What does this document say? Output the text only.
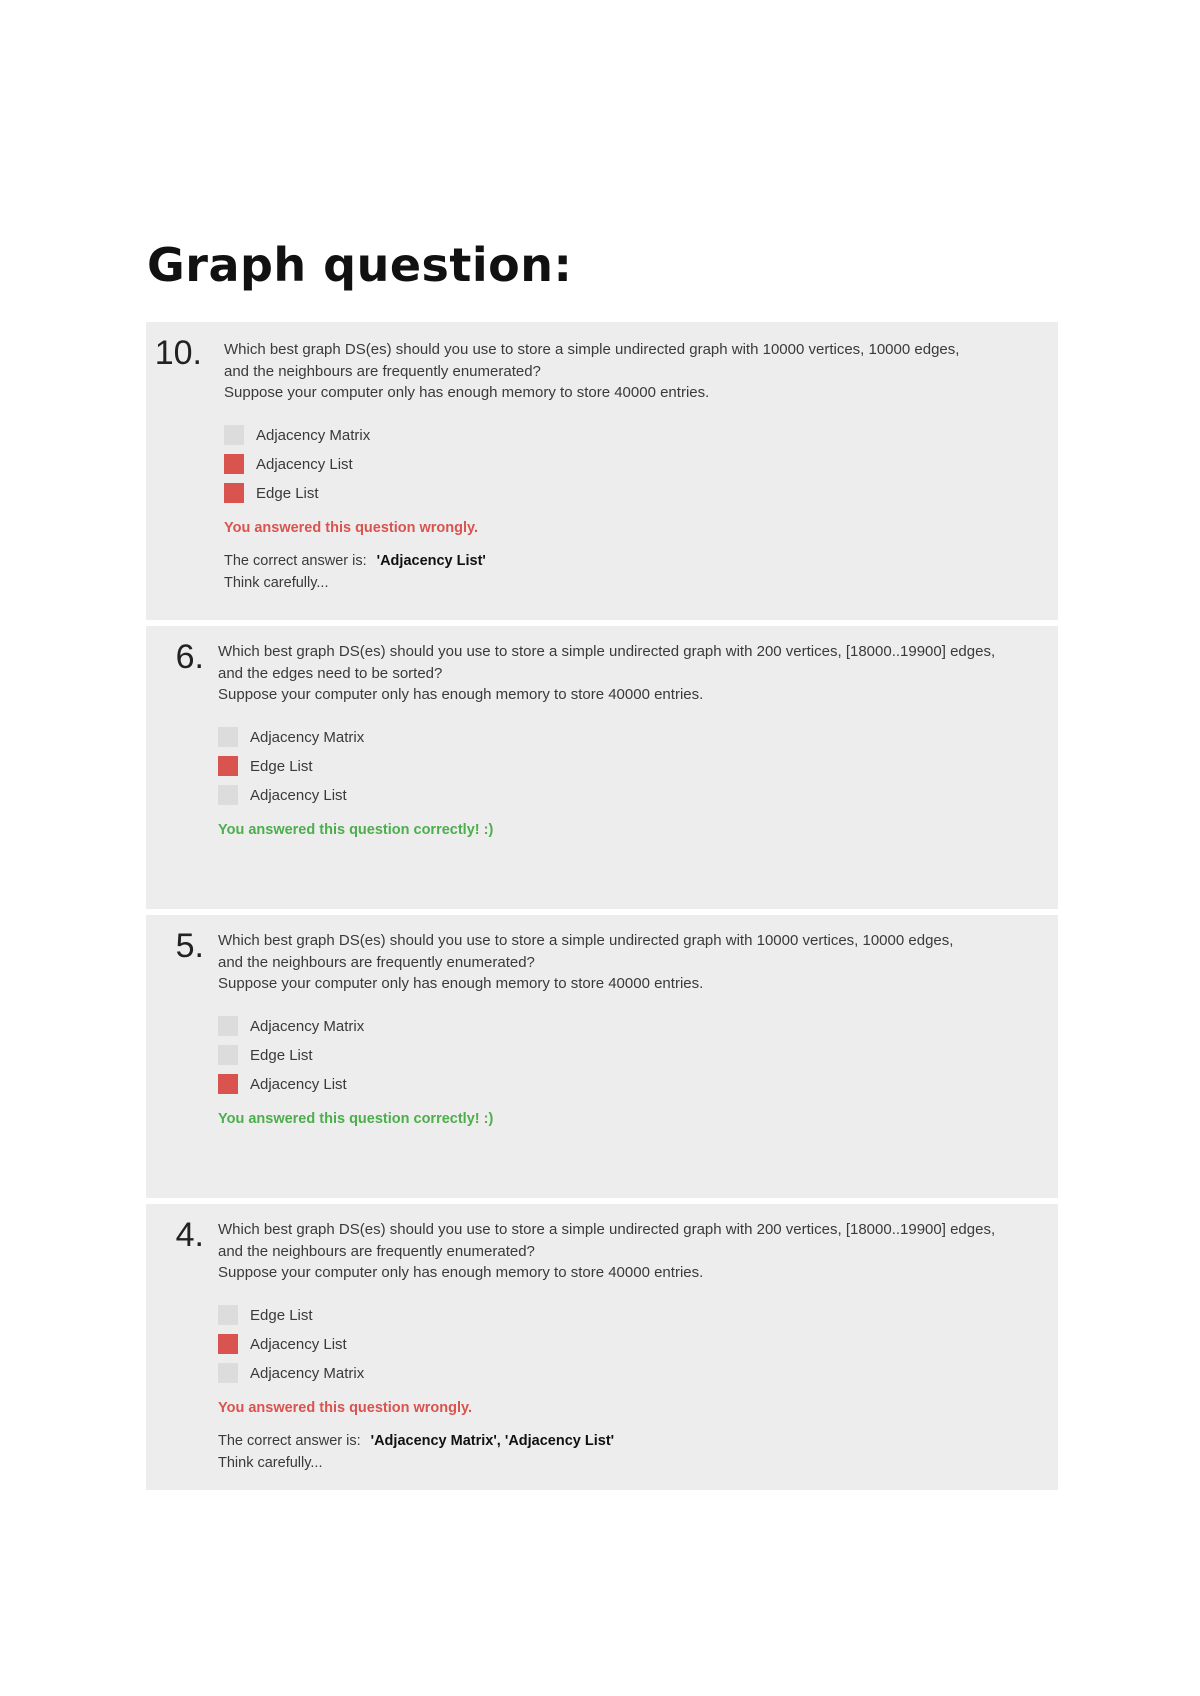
Graph question:
10. Which best graph DS(es) should you use to store a simple undirected graph with 10000 vertices, 10000 edges,
and the neighbours are frequently enumerated?
Suppose your computer only has enough memory to store 40000 entries.
Adjacency Matrix
Adjacency List
Edge List
You answered this question wrongly.
The correct answer is: 'Adjacency List'
Think carefully...
6. Which best graph DS(es) should you use to store a simple undirected graph with 200 vertices, [18000..19900] edges,
and the edges need to be sorted?
Suppose your computer only has enough memory to store 40000 entries.
Adjacency Matrix
Edge List
Adjacency List
You answered this question correctly! :)
5. Which best graph DS(es) should you use to store a simple undirected graph with 10000 vertices, 10000 edges,
and the neighbours are frequently enumerated?
Suppose your computer only has enough memory to store 40000 entries.
Adjacency Matrix
Edge List
Adjacency List
You answered this question correctly! :)
4. Which best graph DS(es) should you use to store a simple undirected graph with 200 vertices, [18000..19900] edges,
and the neighbours are frequently enumerated?
Suppose your computer only has enough memory to store 40000 entries.
Edge List
Adjacency List
Adjacency Matrix
You answered this question wrongly.
The correct answer is: 'Adjacency Matrix', 'Adjacency List'
Think carefully...
